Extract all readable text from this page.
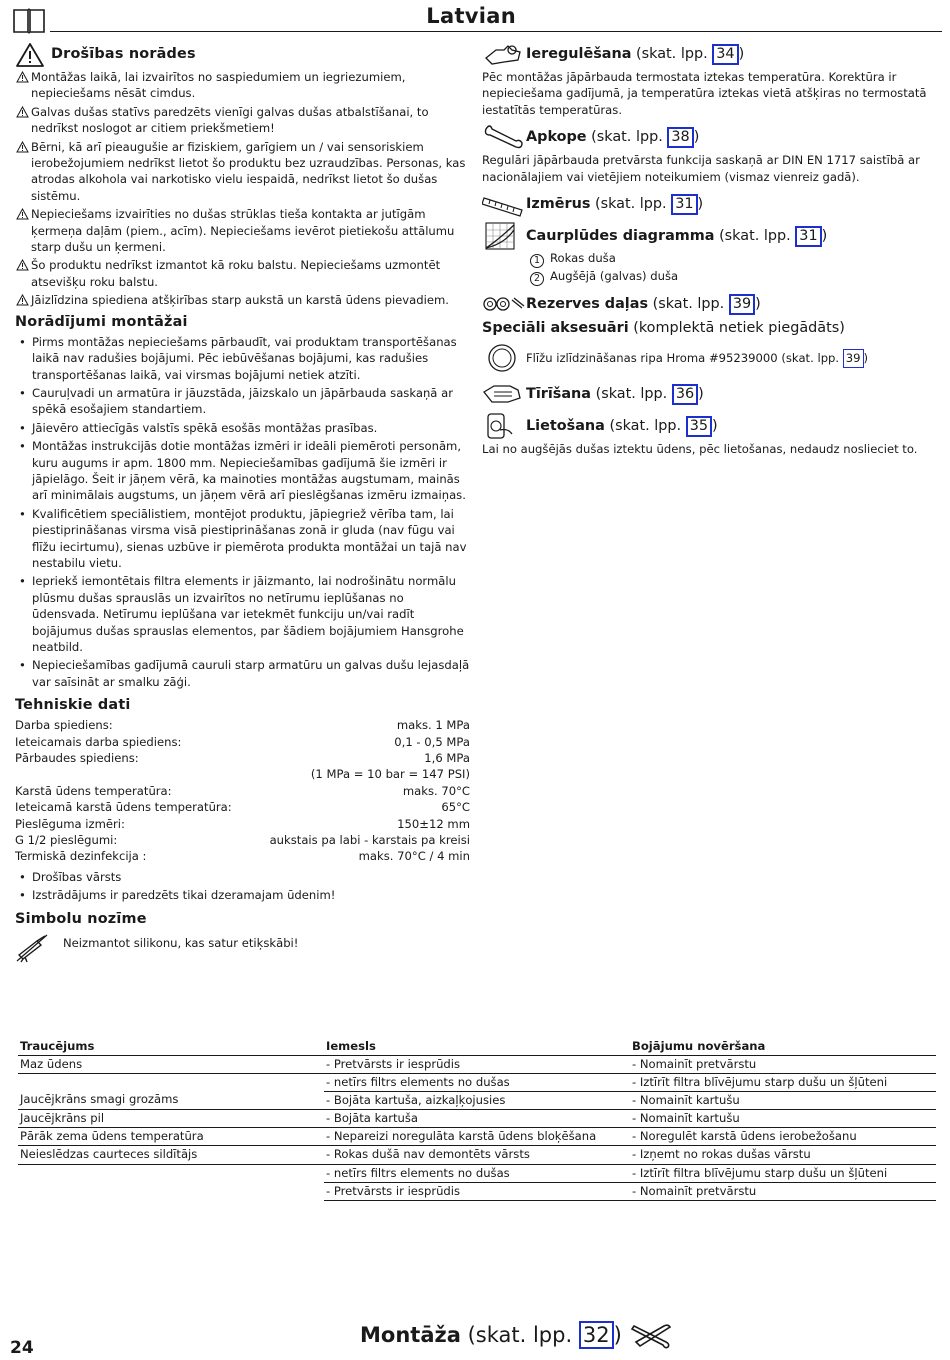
Latvian
Drošības norādes
Montāžas laikā, lai izvairītos no saspiedumiem un iegriezumiem, nepieciešams nēsāt cimdus.
Galvas dušas statīvs paredzēts vienīgi galvas dušas atbalstīšanai, to nedrīkst noslogot ar citiem priekšmetiem!
Bērni, kā arī pieaugušie ar fiziskiem, garīgiem un / vai sensoriskiem ierobežojumiem nedrīkst lietot šo produktu bez uzraudzības. Personas, kas atrodas alkohola vai narkotisko vielu iespaidā, nedrīkst lietot šo dušas sistēmu.
Nepieciešams izvairīties no dušas strūklas tieša kontakta ar jutīgām ķermeņa daļām (piem., acīm). Nepieciešams ievērot pietiekošu attālumu starp dušu un ķermeni.
Šo produktu nedrīkst izmantot kā roku balstu. Nepieciešams uzmontēt atsevišķu roku balstu.
Jāizlīdzina spiediena atšķirības starp aukstā un karstā ūdens pievadiem.
Norādījumi montāžai
• Pirms montāžas nepieciešams pārbaudīt, vai produktam transportēšanas laikā nav radušies bojājumi. Pēc iebūvēšanas bojājumi, kas radušies transportēšanas laikā, vai virsmas bojājumi netiek atzīti.
• Cauruļvadi un armatūra ir jāuzstāda, jāizskalo un jāpārbauda saskaņā ar spēkā esošajiem standartiem.
• Jāievēro attiecīgās valstīs spēkā esošās montāžas prasības.
• Montāžas instrukcijās dotie montāžas izmēri ir ideāli piemēroti personām, kuru augums ir apm. 1800 mm. Nepieciešamības gadījumā šie izmēri ir jāpielāgo. Šeit ir jāņem vērā, ka mainoties montāžas augstumam, mainās arī minimālais augstums, un jāņem vērā arī pieslēgšanas izmēru izmaiņas.
• Kvalificētiem speciālistiem, montējot produktu, jāpiegriež vērība tam, lai piestiprināšanas virsma visā piestiprināšanas zonā ir gluda (nav fūgu vai flīžu iecirtumu), sienas uzbūve ir piemērota produkta montāžai un tajā nav nestabilu vietu.
• Iepriekš iemontētais filtra elements ir jāizmanto, lai nodrošinātu normālu plūsmu dušas sprauslās un izvairītos no netīrumu ieplūšanas no ūdensvada. Netīrumu ieplūšana var ietekmēt funkciju un/vai radīt bojājumus dušas sprauslas elementos, par šādiem bojājumiem Hansgrohe neatbild.
• Nepieciešamības gadījumā cauruli starp armatūru un galvas dušu lejasdaļā var saīsināt ar smalku zāģi.
Tehniskie dati
Darba spiediens:	maks. 1 MPa
Ieteicamais darba spiediens:	0,1 - 0,5 MPa
Pārbaudes spiediens:	1,6 MPa
(1 MPa = 10 bar = 147 PSI)
Karstā ūdens temperatūra:	maks. 70°C
Ieteicamā karstā ūdens temperatūra:	65°C
Pieslēguma izmēri:	150±12 mm
G 1/2 pieslēgumi:	aukstais pa labi - karstais pa kreisi
Termiskā dezinfekcija :	maks. 70°C / 4 min
• Drošības vārsts
• Izstrādājums ir paredzēts tikai dzeramajam ūdenim!
Simbolu nozīme
Neizmantot silikonu, kas satur etiķskābi!
Ieregulēšana (skat. lpp. 34 )
Pēc montāžas jāpārbauda termostata iztekas temperatūra. Korektūra ir nepieciešama gadījumā, ja temperatūra iztekas vietā atšķiras no termostatā iestatītās temperatūras.
Apkope (skat. lpp. 38 )
Regulāri jāpārbauda pretvārsta funkcija saskaņā ar DIN EN 1717 saistībā ar nacionālajiem vai vietējiem noteikumiem (vismaz vienreiz gadā).
Izmērus (skat. lpp. 31 )
Caurplūdes diagramma (skat. lpp. 31 )
1 Rokas duša
2 Augšējā (galvas) duša
Rezerves daļas (skat. lpp. 39 )
Speciāli aksesuāri (komplektā netiek piegādāts)
Flīžu izlīdzināšanas ripa Hroma #95239000 (skat. lpp. 39 )
Tīrīšana (skat. lpp. 36 )
Lietošana (skat. lpp. 35 )
Lai no augšējās dušas iztektu ūdens, pēc lietošanas, nedaudz noslieciet to.
Traucējums	Iemesls	Bojājumu novēršana
Maz ūdens	- Pretvārsts ir iesprūdis	- Nomainīt pretvārstu
	- netīrs filtrs elements no dušas	- Iztīrīt filtra blīvējumu starp dušu un šļūteni
Jaucējkrāns smagi grozāms	- Bojāta kartuša, aizkaļķojusies	- Nomainīt kartušu
Jaucējkrāns pil	- Bojāta kartuša	- Nomainīt kartušu
Pārāk zema ūdens temperatūra	- Nepareizi noregulāta karstā ūdens bloķēšana	- Noregulēt karstā ūdens ierobežošanu
Neieslēdzas caurteces sildītājs	- Rokas dušā nav demontēts vārsts	- Izņemt no rokas dušas vārstu
	- netīrs filtrs elements no dušas	- Iztīrīt filtra blīvējumu starp dušu un šļūteni
	- Pretvārsts ir iesprūdis	- Nomainīt pretvārstu
24
Montāža (skat. lpp. 32 )
